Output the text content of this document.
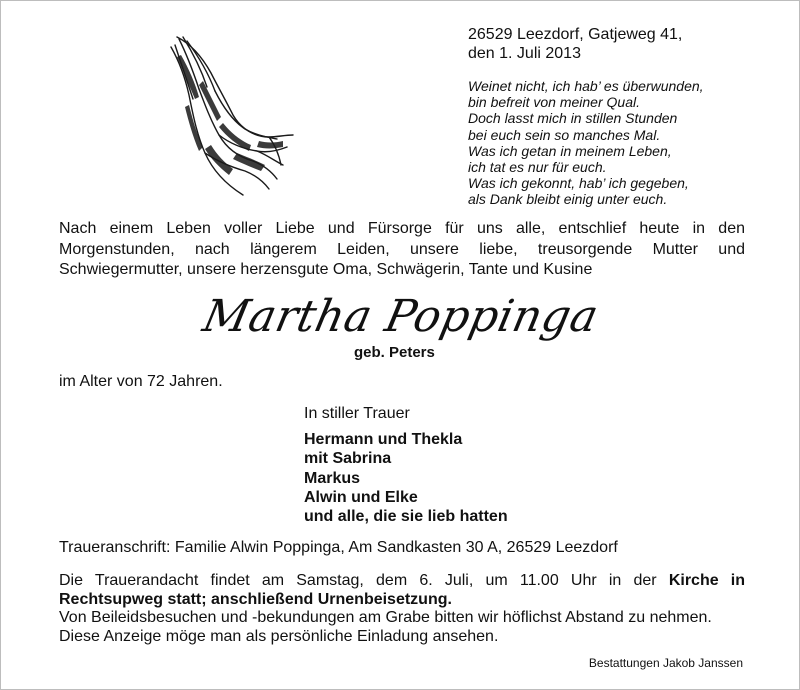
26529 Leezdorf, Gatjeweg 41,
den 1. Juli 2013
Weinet nicht, ich hab’ es überwunden,
bin befreit von meiner Qual.
Doch lasst mich in stillen Stunden
bei euch sein so manches Mal.
Was ich getan in meinem Leben,
ich tat es nur für euch.
Was ich gekonnt, hab’ ich gegeben,
als Dank bleibt einig unter euch.
Nach einem Leben voller Liebe und Fürsorge für uns alle, entschlief heute in den
Morgenstunden, nach längerem Leiden, unsere liebe, treusorgende Mutter und
Schwiegermutter, unsere herzensgute Oma, Schwägerin, Tante und Kusine
Martha Poppinga
geb. Peters
im Alter von 72 Jahren.
In stiller Trauer
Hermann und Thekla
mit Sabrina
Markus
Alwin und Elke
und alle, die sie lieb hatten
Traueranschrift: Familie Alwin Poppinga, Am Sandkasten 30 A, 26529 Leezdorf
Die Trauerandacht findet am Samstag, dem 6. Juli, um 11.00 Uhr in der Kirche in
Rechtsupweg statt; anschließend Urnenbeisetzung.
Von Beileidsbesuchen und -bekundungen am Grabe bitten wir höflichst Abstand zu nehmen.
Diese Anzeige möge man als persönliche Einladung ansehen.
Bestattungen Jakob Janssen
